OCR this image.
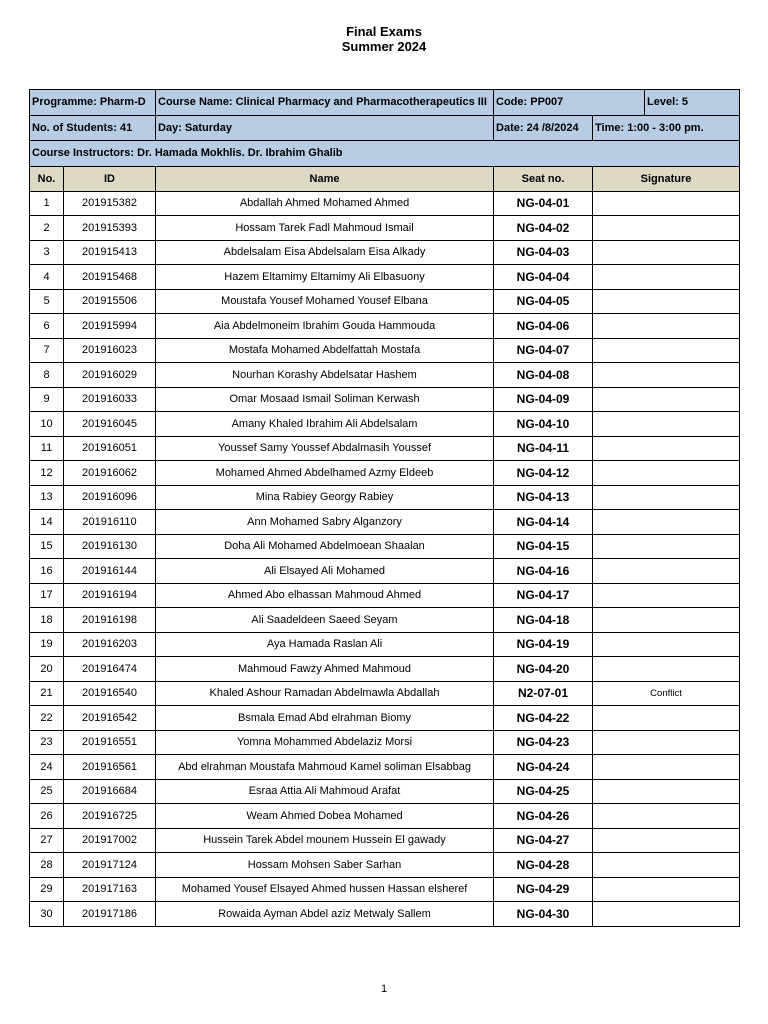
Final Exams
Summer 2024
Programme: Pharm-D		Course Name: Clinical Pharmacy and Pharmacotherapeutics III	Code: PP007		Level: 5
No. of Students: 41		Day: Saturday	Date: 24 /8/2024	Time: 1:00 - 3:00 pm.	
Course Instructors: Dr. Hamada Mokhlis. Dr. Ibrahim Ghalib					
No.	ID	Name	Seat no.	Signature	
1	201915382	Abdallah Ahmed Mohamed Ahmed	NG-04-01		
2	201915393	Hossam Tarek Fadl Mahmoud Ismail	NG-04-02		
3	201915413	Abdelsalam Eisa Abdelsalam Eisa Alkady	NG-04-03		
4	201915468	Hazem Eltamimy Eltamimy Ali Elbasuony	NG-04-04		
5	201915506	Moustafa Yousef Mohamed Yousef Elbana	NG-04-05		
6	201915994	Aia Abdelmoneim Ibrahim Gouda Hammouda	NG-04-06		
7	201916023	Mostafa Mohamed Abdelfattah Mostafa	NG-04-07		
8	201916029	Nourhan Korashy Abdelsatar Hashem	NG-04-08		
9	201916033	Omar Mosaad Ismail Soliman Kerwash	NG-04-09		
10	201916045	Amany Khaled Ibrahim Ali Abdelsalam	NG-04-10		
11	201916051	Youssef Samy Youssef Abdalmasih Youssef	NG-04-11		
12	201916062	Mohamed Ahmed Abdelhamed Azmy Eldeeb	NG-04-12		
13	201916096	Mina Rabiey Georgy Rabiey	NG-04-13		
14	201916110	Ann Mohamed Sabry Alganzory	NG-04-14		
15	201916130	Doha Ali Mohamed Abdelmoean Shaalan	NG-04-15		
16	201916144	Ali Elsayed Ali Mohamed	NG-04-16		
17	201916194	Ahmed Abo elhassan Mahmoud Ahmed	NG-04-17		
18	201916198	Ali Saadeldeen Saeed Seyam	NG-04-18		
19	201916203	Aya Hamada Raslan Ali	NG-04-19		
20	201916474	Mahmoud Fawzy Ahmed Mahmoud	NG-04-20		
21	201916540	Khaled Ashour Ramadan Abdelmawla Abdallah	N2-07-01	Conflict	
22	201916542	Bsmala Emad Abd elrahman Biomy	NG-04-22		
23	201916551	Yomna Mohammed Abdelaziz Morsi	NG-04-23		
24	201916561	Abd elrahman Moustafa Mahmoud Kamel soliman Elsabbag	NG-04-24		
25	201916684	Esraa Attia Ali Mahmoud Arafat	NG-04-25		
26	201916725	Weam Ahmed Dobea Mohamed	NG-04-26		
27	201917002	Hussein Tarek Abdel mounem Hussein El gawady	NG-04-27		
28	201917124	Hossam Mohsen Saber Sarhan	NG-04-28		
29	201917163	Mohamed Yousef Elsayed Ahmed hussen Hassan elsheref	NG-04-29		
30	201917186	Rowaida Ayman Abdel aziz Metwaly Sallem	NG-04-30		
1
